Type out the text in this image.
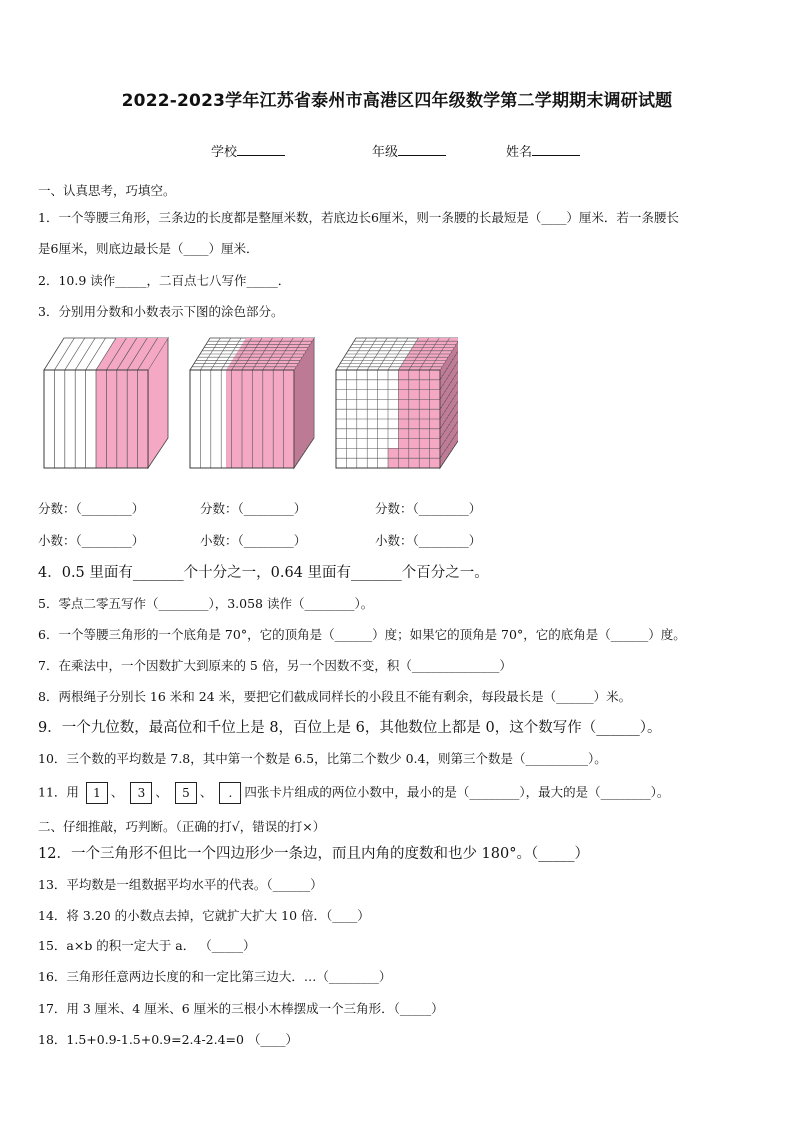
2022-2023学年江苏省泰州市高港区四年级数学第二学期期末调研试题
学校	年级	姓名
一、认真思考，巧填空。
1．一个等腰三角形，三条边的长度都是整厘米数，若底边长6厘米，则一条腰的长最短是（____）厘米．若一条腰长
是6厘米，则底边最长是（____）厘米．
2．10.9 读作_____，二百点七八写作_____．
3．分别用分数和小数表示下图的涂色部分。
分数：（________）	分数：（________）	分数：（________）
小数：（________）	小数：（________）	小数：（________）
4．0.5 里面有_______个十分之一，0.64 里面有_______个百分之一。
5．零点二零五写作（________），3.058 读作（________）。
6．一个等腰三角形的一个底角是 70°，它的顶角是（______）度；如果它的顶角是 70°，它的底角是（______）度。
7．在乘法中，一个因数扩大到原来的 5 倍，另一个因数不变，积（______________）
8．两根绳子分别长 16 米和 24 米，要把它们截成同样长的小段且不能有剩余，每段最长是（______）米。
9．一个九位数，最高位和千位上是 8，百位上是 6，其他数位上都是 0，这个数写作（______）。
10．三个数的平均数是 7.8，其中第一个数是 6.5，比第二个数少 0.4，则第三个数是（__________）。
11．用 1 、 3 、 5 、 . 四张卡片组成的两位小数中，最小的是（________），最大的是（________）。
二、仔细推敲，巧判断。（正确的打√，错误的打×）
12．一个三角形不但比一个四边形少一条边，而且内角的度数和也少 180°。（_____）
13．平均数是一组数据平均水平的代表。（______）
14．将 3.20 的小数点去掉，它就扩大扩大 10 倍．（____）
15．a×b 的积一定大于 a． （_____）
16．三角形任意两边长度的和一定比第三边大．…（________）
17．用 3 厘米、4 厘米、6 厘米的三根小木棒摆成一个三角形．（_____）
18．1.5+0.9-1.5+0.9=2.4-2.4=0 （____）
